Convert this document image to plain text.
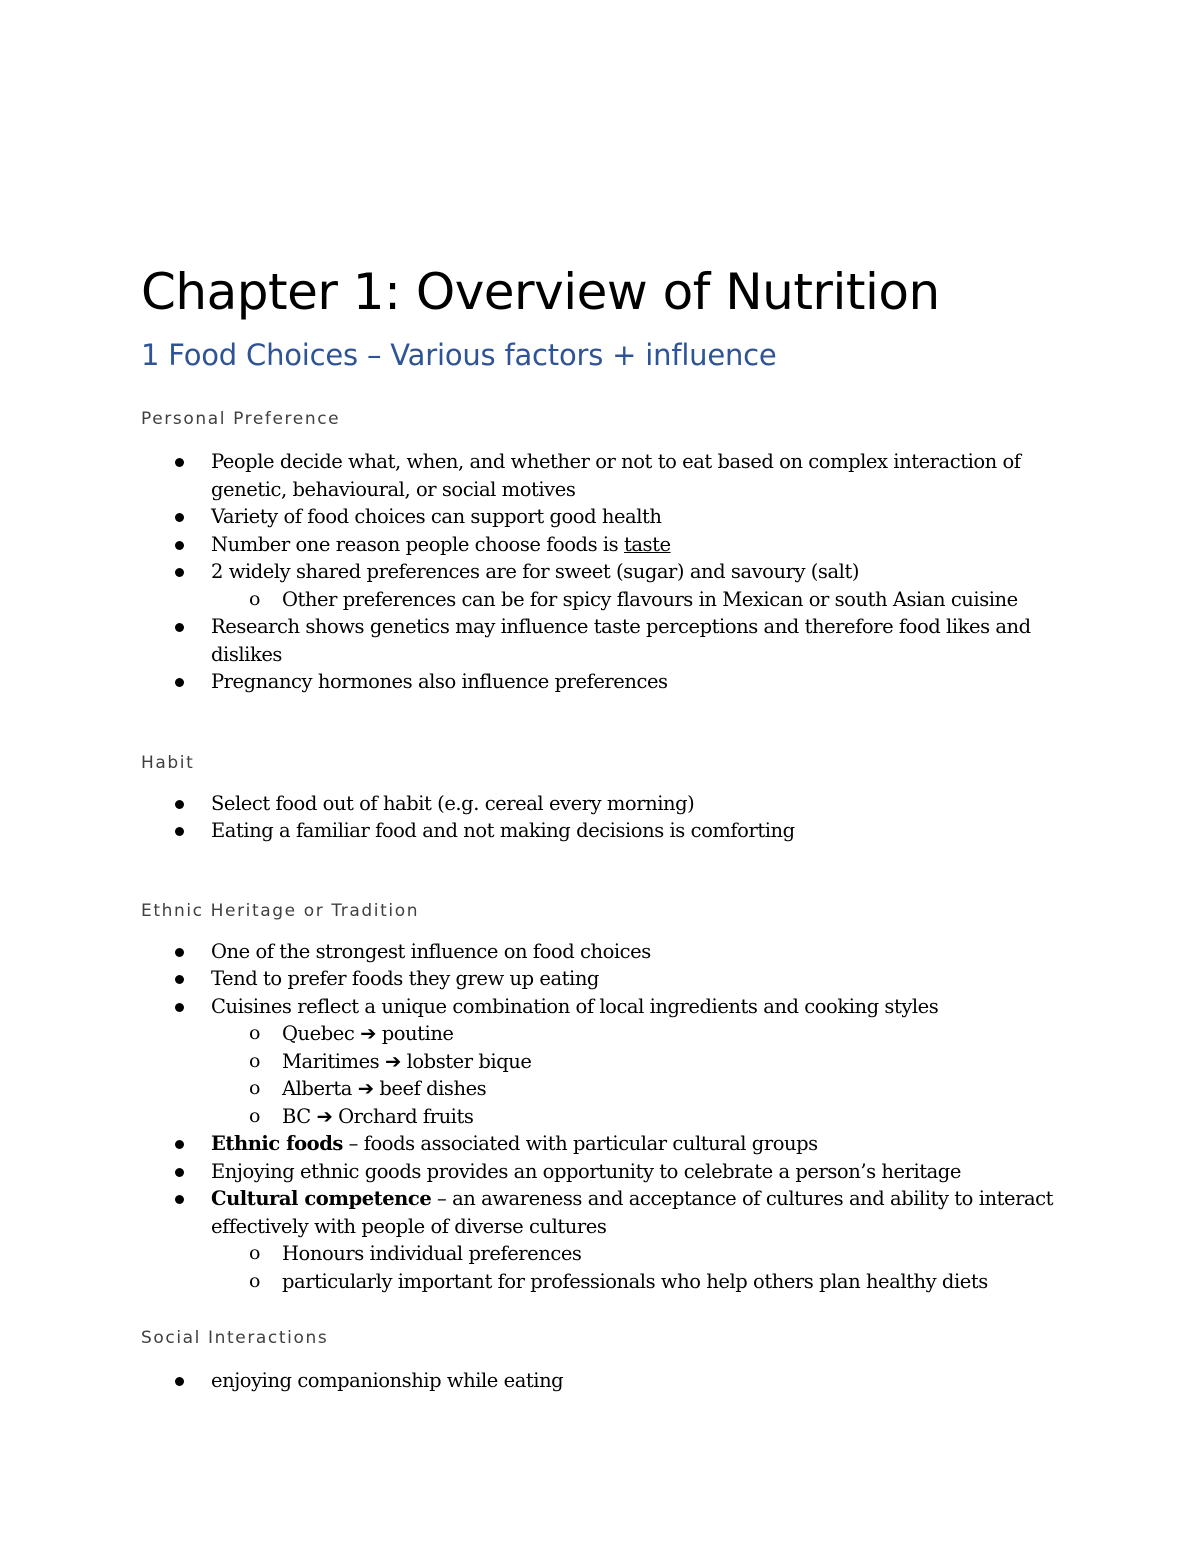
Chapter 1: Overview of Nutrition
1 Food Choices – Various factors + influence
Personal Preference
People decide what, when, and whether or not to eat based on complex interaction of genetic, behavioural, or social motives
Variety of food choices can support good health
Number one reason people choose foods is taste
2 widely shared preferences are for sweet (sugar) and savoury (salt)
o Other preferences can be for spicy flavours in Mexican or south Asian cuisine
Research shows genetics may influence taste perceptions and therefore food likes and dislikes
Pregnancy hormones also influence preferences
Habit
Select food out of habit (e.g. cereal every morning)
Eating a familiar food and not making decisions is comforting
Ethnic Heritage or Tradition
One of the strongest influence on food choices
Tend to prefer foods they grew up eating
Cuisines reflect a unique combination of local ingredients and cooking styles
o Quebec ➔ poutine
o Maritimes ➔ lobster bique
o Alberta ➔ beef dishes
o BC ➔ Orchard fruits
Ethnic foods – foods associated with particular cultural groups
Enjoying ethnic goods provides an opportunity to celebrate a person’s heritage
Cultural competence – an awareness and acceptance of cultures and ability to interact effectively with people of diverse cultures
o Honours individual preferences
o particularly important for professionals who help others plan healthy diets
Social Interactions
enjoying companionship while eating
